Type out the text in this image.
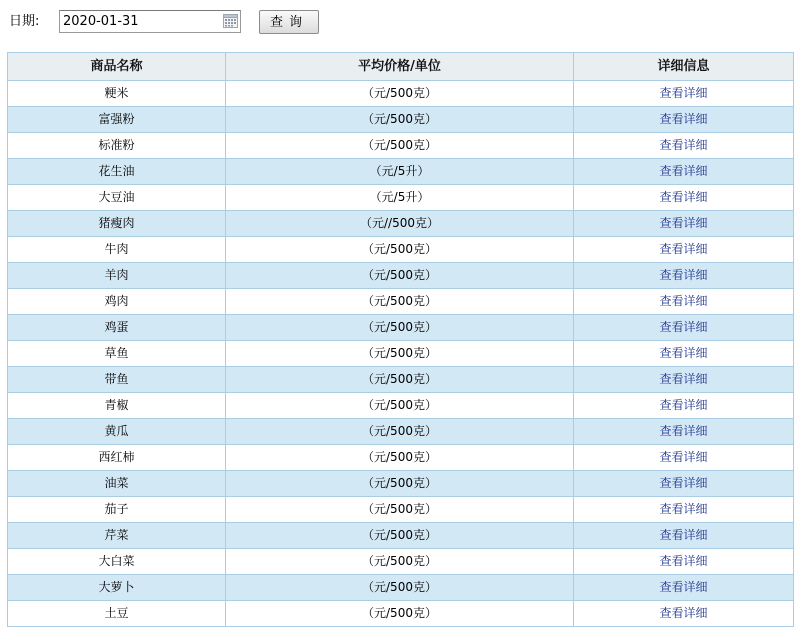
日期: 2020-01-31	查询
商品名称	平均价格/单位	详细信息
粳米	（元/500克）	查看详细
富强粉	（元/500克）	查看详细
标准粉	（元/500克）	查看详细
花生油	（元/5升）	查看详细
大豆油	（元/5升）	查看详细
猪瘦肉	（元//500克）	查看详细
牛肉	（元/500克）	查看详细
羊肉	（元/500克）	查看详细
鸡肉	（元/500克）	查看详细
鸡蛋	（元/500克）	查看详细
草鱼	（元/500克）	查看详细
带鱼	（元/500克）	查看详细
青椒	（元/500克）	查看详细
黄瓜	（元/500克）	查看详细
西红柿	（元/500克）	查看详细
油菜	（元/500克）	查看详细
茄子	（元/500克）	查看详细
芹菜	（元/500克）	查看详细
大白菜	（元/500克）	查看详细
大萝卜	（元/500克）	查看详细
土豆	（元/500克）	查看详细
